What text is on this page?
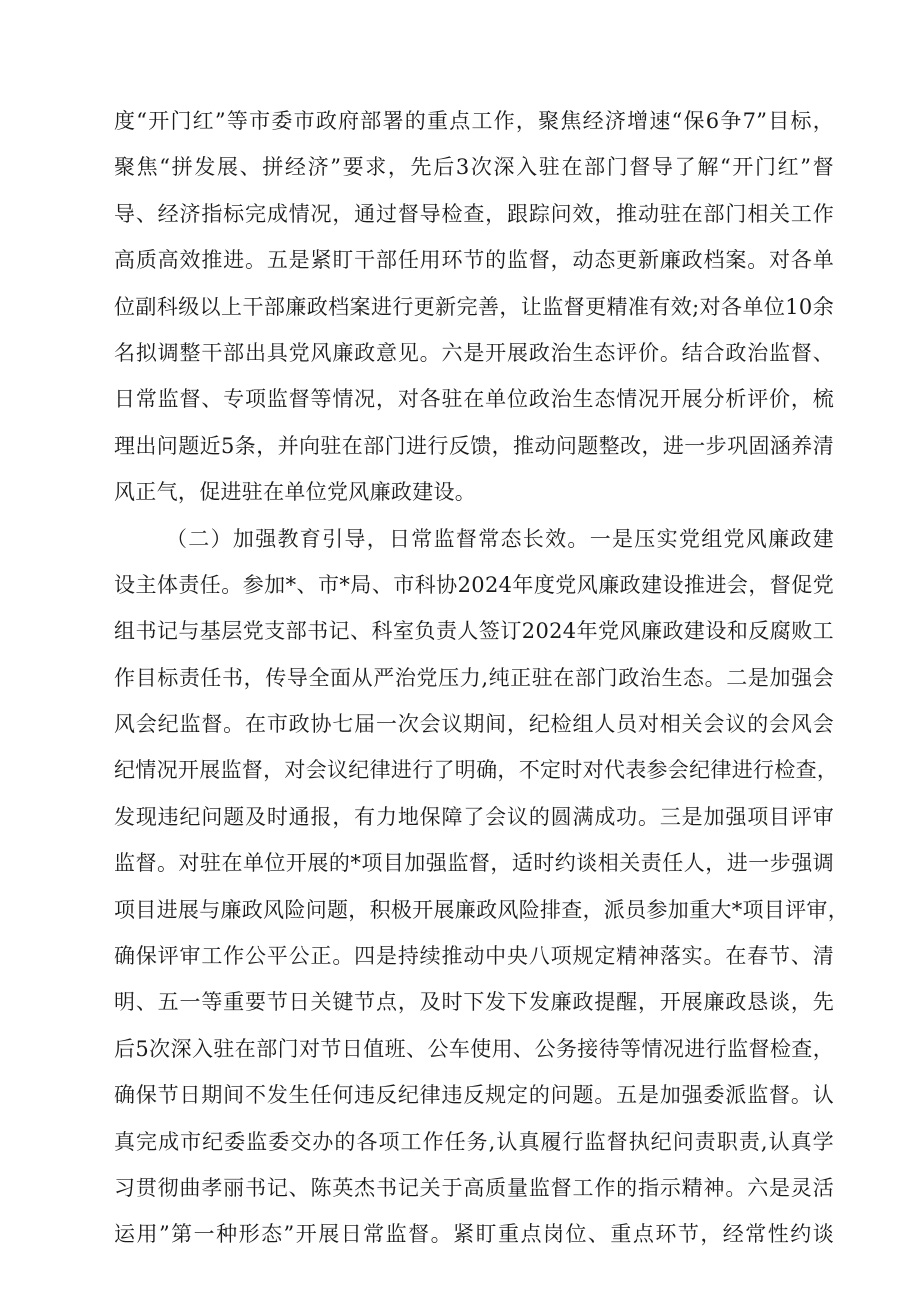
度“开门红”等市委市政府部署的重点工作，聚焦经济增速“保6争7”目标，
聚焦“拼发展、拼经济”要求，先后3次深入驻在部门督导了解“开门红”督
导、经济指标完成情况，通过督导检查，跟踪问效，推动驻在部门相关工作
高质高效推进。五是紧盯干部任用环节的监督，动态更新廉政档案。对各单
位副科级以上干部廉政档案进行更新完善，让监督更精准有效;对各单位10余
名拟调整干部出具党风廉政意见。六是开展政治生态评价。结合政治监督、
日常监督、专项监督等情况，对各驻在单位政治生态情况开展分析评价，梳
理出问题近5条，并向驻在部门进行反馈，推动问题整改，进一步巩固涵养清
风正气，促进驻在单位党风廉政建设。
（二）加强教育引导，日常监督常态长效。一是压实党组党风廉政建
设主体责任。参加*、市*局、市科协2024年度党风廉政建设推进会，督促党
组书记与基层党支部书记、科室负责人签订2024年党风廉政建设和反腐败工
作目标责任书，传导全面从严治党压力,纯正驻在部门政治生态。二是加强会
风会纪监督。在市政协七届一次会议期间，纪检组人员对相关会议的会风会
纪情况开展监督，对会议纪律进行了明确，不定时对代表参会纪律进行检查，
发现违纪问题及时通报，有力地保障了会议的圆满成功。三是加强项目评审
监督。对驻在单位开展的*项目加强监督，适时约谈相关责任人，进一步强调
项目进展与廉政风险问题，积极开展廉政风险排查，派员参加重大*项目评审，
确保评审工作公平公正。四是持续推动中央八项规定精神落实。在春节、清
明、五一等重要节日关键节点，及时下发下发廉政提醒，开展廉政恳谈，先
后5次深入驻在部门对节日值班、公车使用、公务接待等情况进行监督检查，
确保节日期间不发生任何违反纪律违反规定的问题。五是加强委派监督。认
真完成市纪委监委交办的各项工作任务,认真履行监督执纪问责职责,认真学
习贯彻曲孝丽书记、陈英杰书记关于高质量监督工作的指示精神。六是灵活
运用”第一种形态”开展日常监督。紧盯重点岗位、重点环节，经常性约谈
